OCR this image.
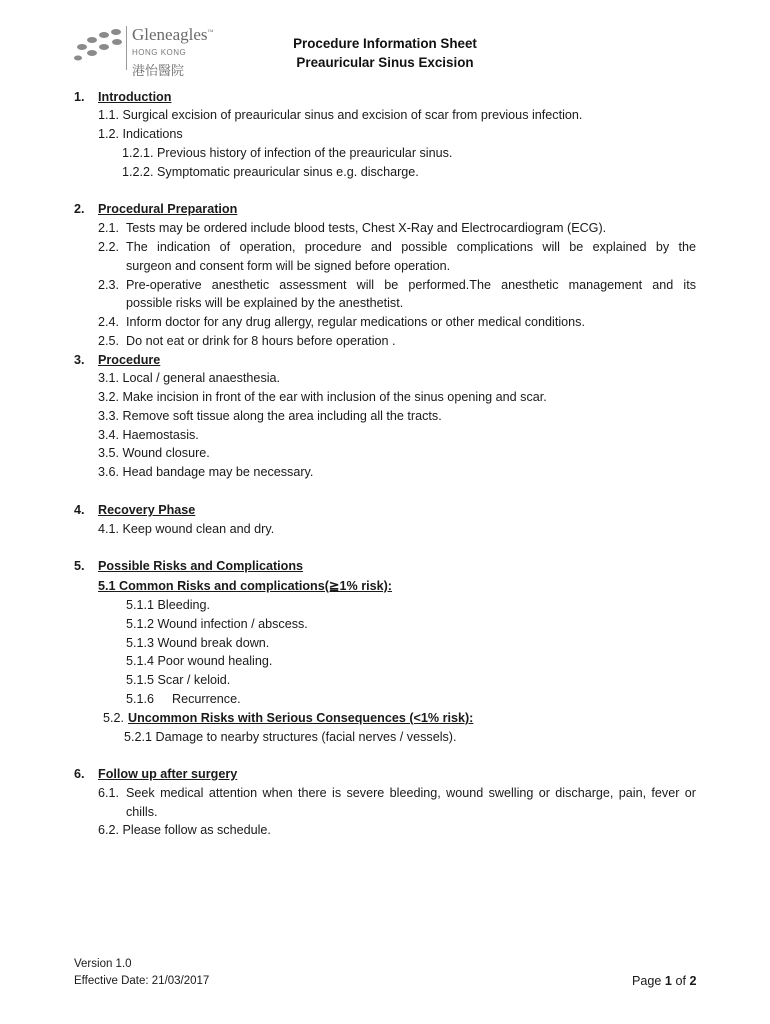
Gleneagles™
HONG KONG
港怡醫院
Procedure Information Sheet
Preauricular Sinus Excision
1. Introduction
1.1. Surgical excision of preauricular sinus and excision of scar from previous infection.
1.2. Indications
1.2.1. Previous history of infection of the preauricular sinus.
1.2.2. Symptomatic preauricular sinus e.g. discharge.
2. Procedural Preparation
2.1. Tests may be ordered include blood tests, Chest X-Ray and Electrocardiogram (ECG).
2.2. The indication of operation, procedure and possible complications will be explained by the
surgeon and consent form will be signed before operation.
2.3. Pre-operative anesthetic assessment will be performed.The anesthetic management and its
possible risks will be explained by the anesthetist.
2.4. Inform doctor for any drug allergy, regular medications or other medical conditions.
2.5. Do not eat or drink for 8 hours before operation .
3. Procedure
3.1. Local / general anaesthesia.
3.2. Make incision in front of the ear with inclusion of the sinus opening and scar.
3.3. Remove soft tissue along the area including all the tracts.
3.4. Haemostasis.
3.5. Wound closure.
3.6. Head bandage may be necessary.
4. Recovery Phase
4.1. Keep wound clean and dry.
5. Possible Risks and Complications
5.1 Common Risks and complications(≧1% risk):
5.1.1 Bleeding.
5.1.2 Wound infection / abscess.
5.1.3 Wound break down.
5.1.4 Poor wound healing.
5.1.5 Scar / keloid.
5.1.6 Recurrence.
5.2. Uncommon Risks with Serious Consequences (<1% risk):
5.2.1 Damage to nearby structures (facial nerves / vessels).
6. Follow up after surgery
6.1. Seek medical attention when there is severe bleeding, wound swelling or discharge, pain, fever or
chills.
6.2. Please follow as schedule.
Version 1.0
Effective Date: 21/03/2017	Page 1 of 2
